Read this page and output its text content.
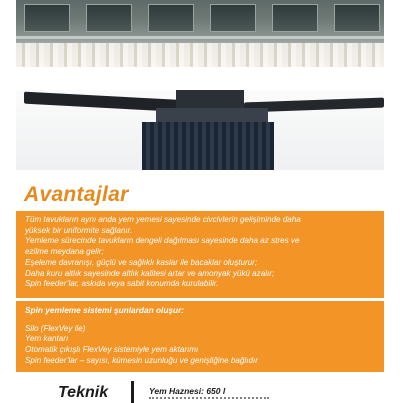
Avantajlar

Tüm tavukların aynı anda yem yemesi sayesinde civcivlerin gelişiminde daha

yüksek bir uniformite sağlanır.

Yemleme sürecinde tavukların dengeli dağılması sayesinde daha az stres ve

ezilme meydana gelir;

Eşeleme davranışı, güçlü ve sağlıklı kaslar ile bacaklar oluşturur;

Daha kuru altlık sayesinde altlık kalitesi artar ve amonyak yükü azalır;

Spin feeder’lar, askıda veya sabit konumda kurulabilir.

Spin yemleme sistemi şunlardan oluşur:

Silo (FlexVey ile)

Yem kantarı

Otomatik çıkışlı FlexVey sistemiyle yem aktarımı

Spin feeder’lar – sayısı, kümesin uzunluğu ve genişliğine bağlıdır

Teknik	Yem Haznesi: 650 l
